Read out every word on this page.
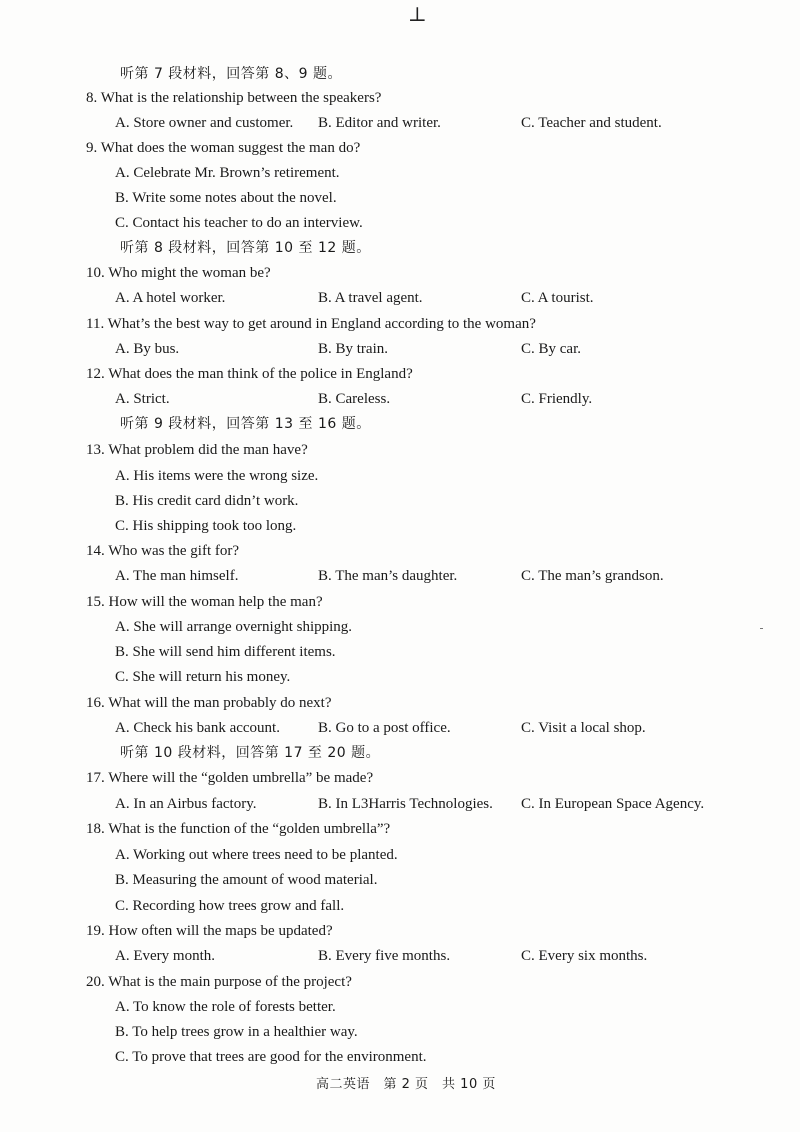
⊥
听第 7 段材料，回答第 8、9 题。
8. What is the relationship between the speakers?
A. Store owner and customer. B. Editor and writer.	C. Teacher and student.
9. What does the woman suggest the man do?
A. Celebrate Mr. Brown’s retirement.
B. Write some notes about the novel.
C. Contact his teacher to do an interview.
听第 8 段材料，回答第 10 至 12 题。
10. Who might the woman be?
A. A hotel worker.	B. A travel agent.	C. A tourist.
11. What’s the best way to get around in England according to the woman?
A. By bus.	B. By train.	C. By car.
12. What does the man think of the police in England?
A. Strict.	B. Careless.	C. Friendly.
听第 9 段材料，回答第 13 至 16 题。
13. What problem did the man have?
A. His items were the wrong size.
B. His credit card didn’t work.
C. His shipping took too long.
14. Who was the gift for?
A. The man himself.	B. The man’s daughter.	C. The man’s grandson.
15. How will the woman help the man?
A. She will arrange overnight shipping.
B. She will send him different items.
C. She will return his money.
16. What will the man probably do next?
A. Check his bank account.	B. Go to a post office.	C. Visit a local shop.
听第 10 段材料，回答第 17 至 20 题。
17. Where will the “golden umbrella” be made?
A. In an Airbus factory.	B. In L3Harris Technologies. C. In European Space Agency.
18. What is the function of the “golden umbrella”?
A. Working out where trees need to be planted.
B. Measuring the amount of wood material.
C. Recording how trees grow and fall.
19. How often will the maps be updated?
A. Every month.	B. Every five months.	C. Every six months.
20. What is the main purpose of the project?
A. To know the role of forests better.
B. To help trees grow in a healthier way.
C. To prove that trees are good for the environment.
高二英语　第 2 页　共 10 页
